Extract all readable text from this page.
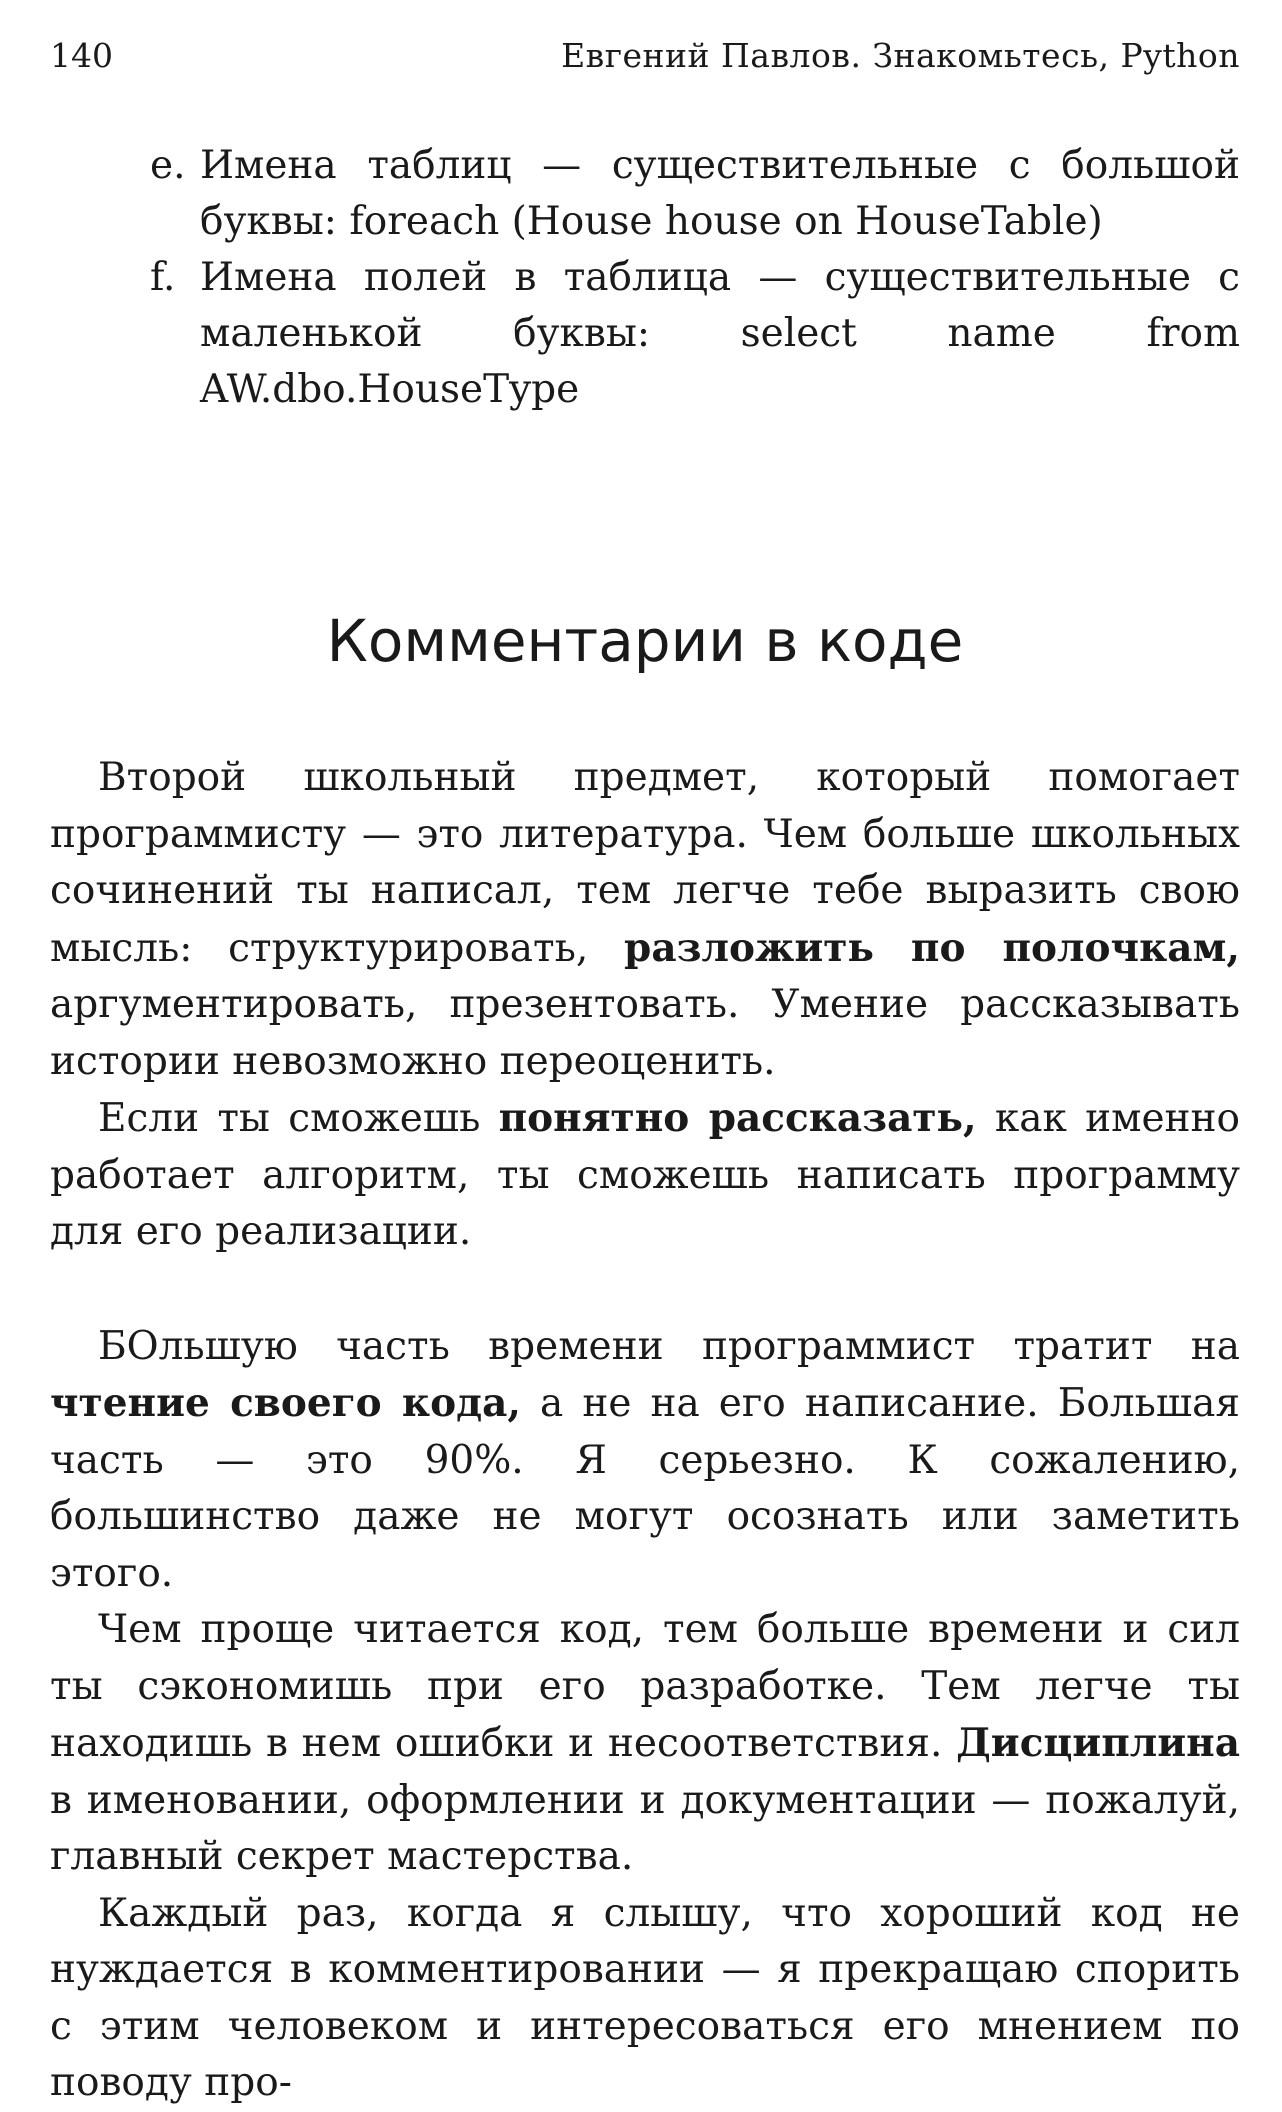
140	Евгений Павлов. Знакомьтесь, Python

e. Имена таблиц — существительные с большой буквы: foreach (House house on HouseTable)

f. Имена полей в таблица — существительные с маленькой буквы: select name from AW.dbo.HouseType

Комментарии в коде

Второй школьный предмет, который помогает программисту — это литература. Чем больше школьных сочинений ты написал, тем легче тебе выразить свою мысль: структурировать, разложить по полочкам, аргументировать, презентовать. Умение рассказывать истории невозможно переоценить.

Если ты сможешь понятно рассказать, как именно работает алгоритм, ты сможешь написать программу для его реализации.

БОльшую часть времени программист тратит на чтение своего кода, а не на его написание. Большая часть — это 90%. Я серьезно. К сожалению, большинство даже не могут осознать или заметить этого.

Чем проще читается код, тем больше времени и сил ты сэкономишь при его разработке. Тем легче ты находишь в нем ошибки и несоответствия. Дисциплина в именовании, оформлении и документации — пожалуй, главный секрет мастерства.

Каждый раз, когда я слышу, что хороший код не нуждается в комментировании — я прекращаю спорить с этим человеком и интересоваться его мнением по поводу про-
